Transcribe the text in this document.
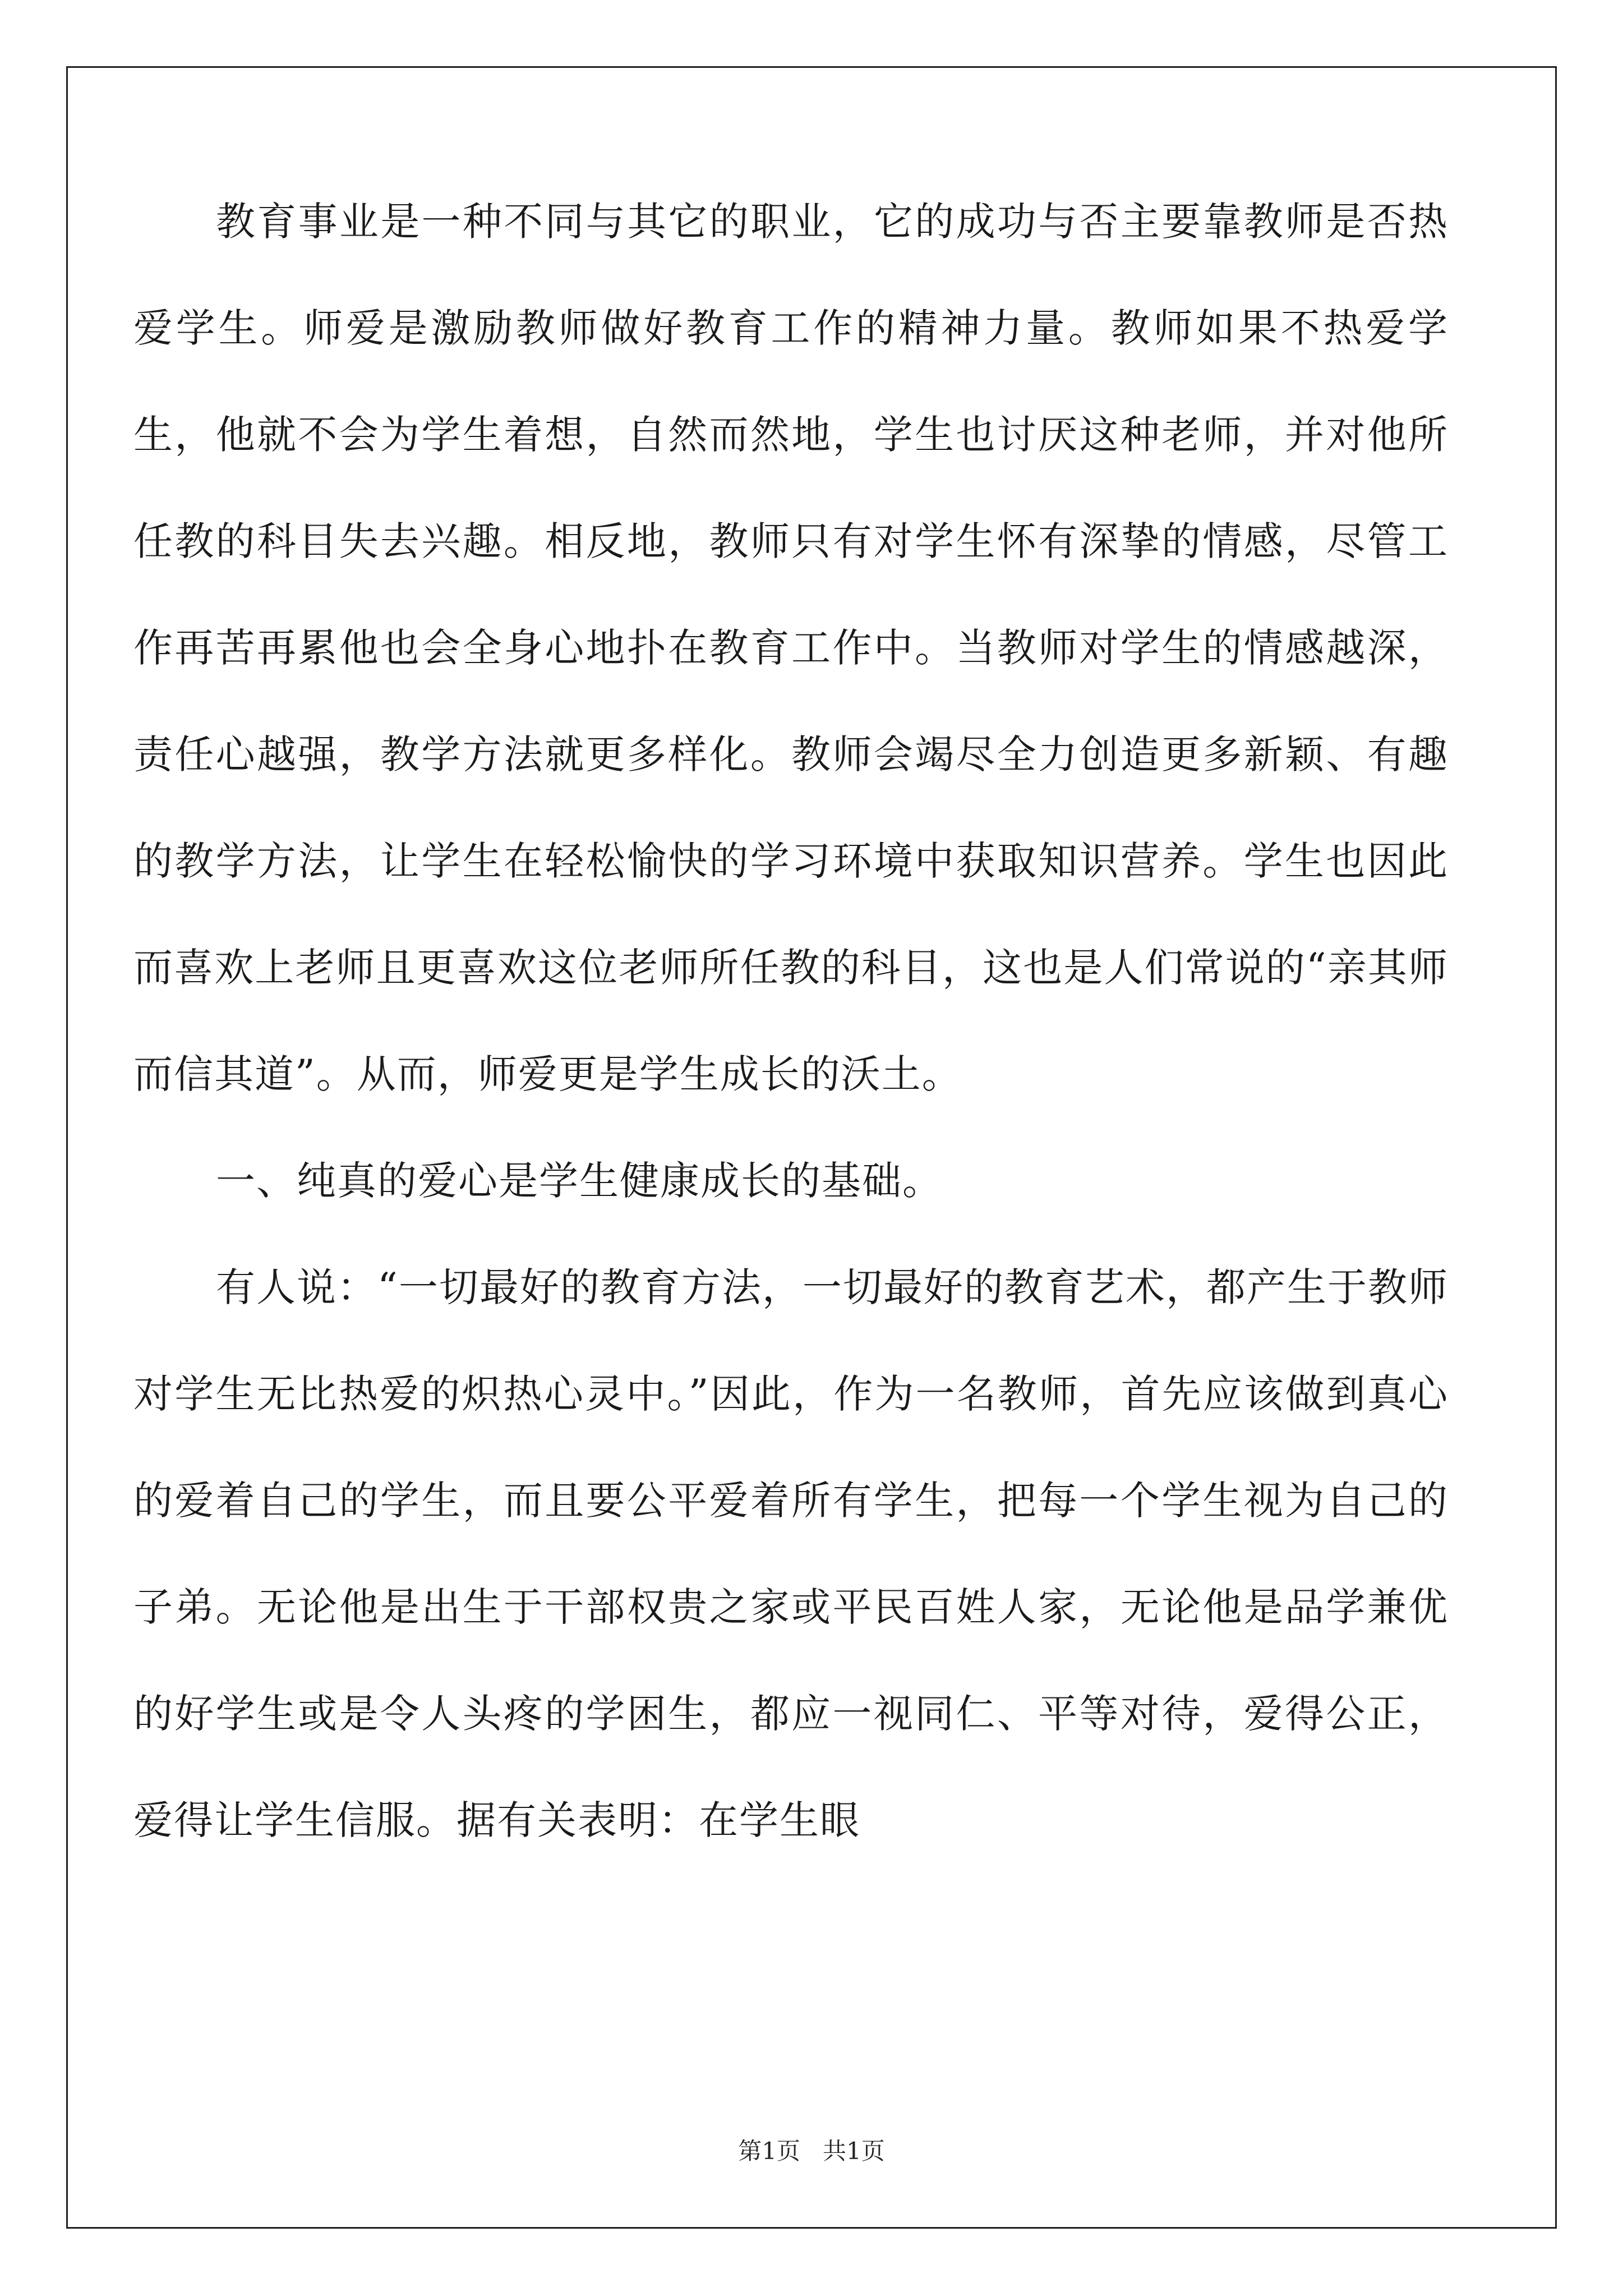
教育事业是一种不同与其它的职业，它的成功与否主要靠教师是否热爱学生。师爱是激励教师做好教育工作的精神力量。教师如果不热爱学生，他就不会为学生着想，自然而然地，学生也讨厌这种老师，并对他所任教的科目失去兴趣。相反地，教师只有对学生怀有深挚的情感，尽管工作再苦再累他也会全身心地扑在教育工作中。当教师对学生的情感越深，责任心越强，教学方法就更多样化。教师会竭尽全力创造更多新颖、有趣的教学方法，让学生在轻松愉快的学习环境中获取知识营养。学生也因此而喜欢上老师且更喜欢这位老师所任教的科目，这也是人们常说的“亲其师而信其道”。从而，师爱更是学生成长的沃土。

一、纯真的爱心是学生健康成长的基础。

有人说：“一切最好的教育方法，一切最好的教育艺术，都产生于教师对学生无比热爱的炽热心灵中。”因此，作为一名教师，首先应该做到真心的爱着自己的学生，而且要公平爱着所有学生，把每一个学生视为自己的子弟。无论他是出生于干部权贵之家或平民百姓人家，无论他是品学兼优的好学生或是令人头疼的学困生，都应一视同仁、平等对待，爱得公正，爱得让学生信服。据有关表明：在学生眼

第1页 共1页
